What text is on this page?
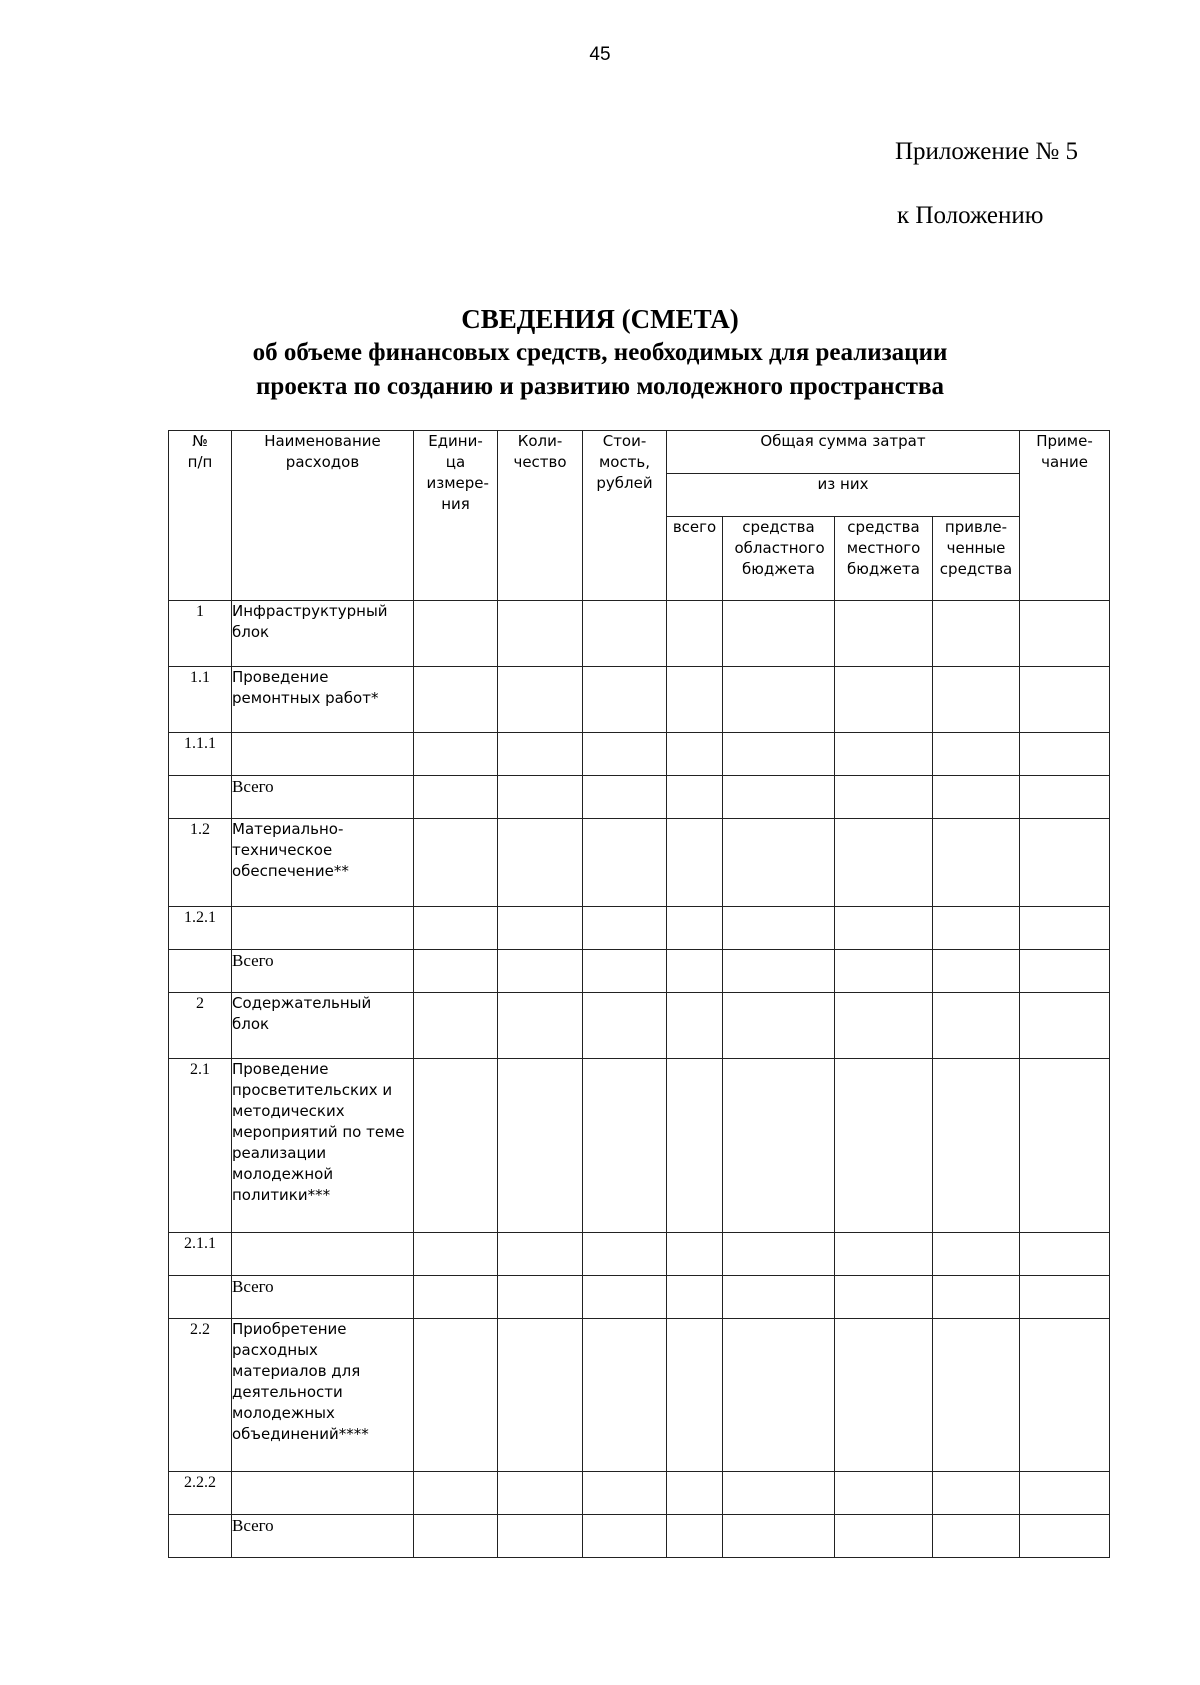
45
Приложение № 5
к Положению
СВЕДЕНИЯ (СМЕТА)
об объеме финансовых средств, необходимых для реализации
проекта по созданию и развитию молодежного пространства
№ п/п	Наименование расходов	Едини-ца измере-ния	Коли-чество	Стои-мость, рублей	Общая сумма затрат				Приме-чание

					из них				
					всего	средства областного бюджета	средства местного бюджета	привле-ченные средства	

1	Инфраструктурный блок								
1.1	Проведение ремонтных работ*								
1.1.1									
	Всего								
1.2	Материально-техническое обеспечение**								
1.2.1									
	Всего								
2	Содержательный блок								
2.1	Проведение просветительских и методических мероприятий по теме реализации молодежной политики***								
2.1.1									
	Всего								
2.2	Приобретение расходных материалов для деятельности молодежных объединений****								
2.2.2									
	Всего								
